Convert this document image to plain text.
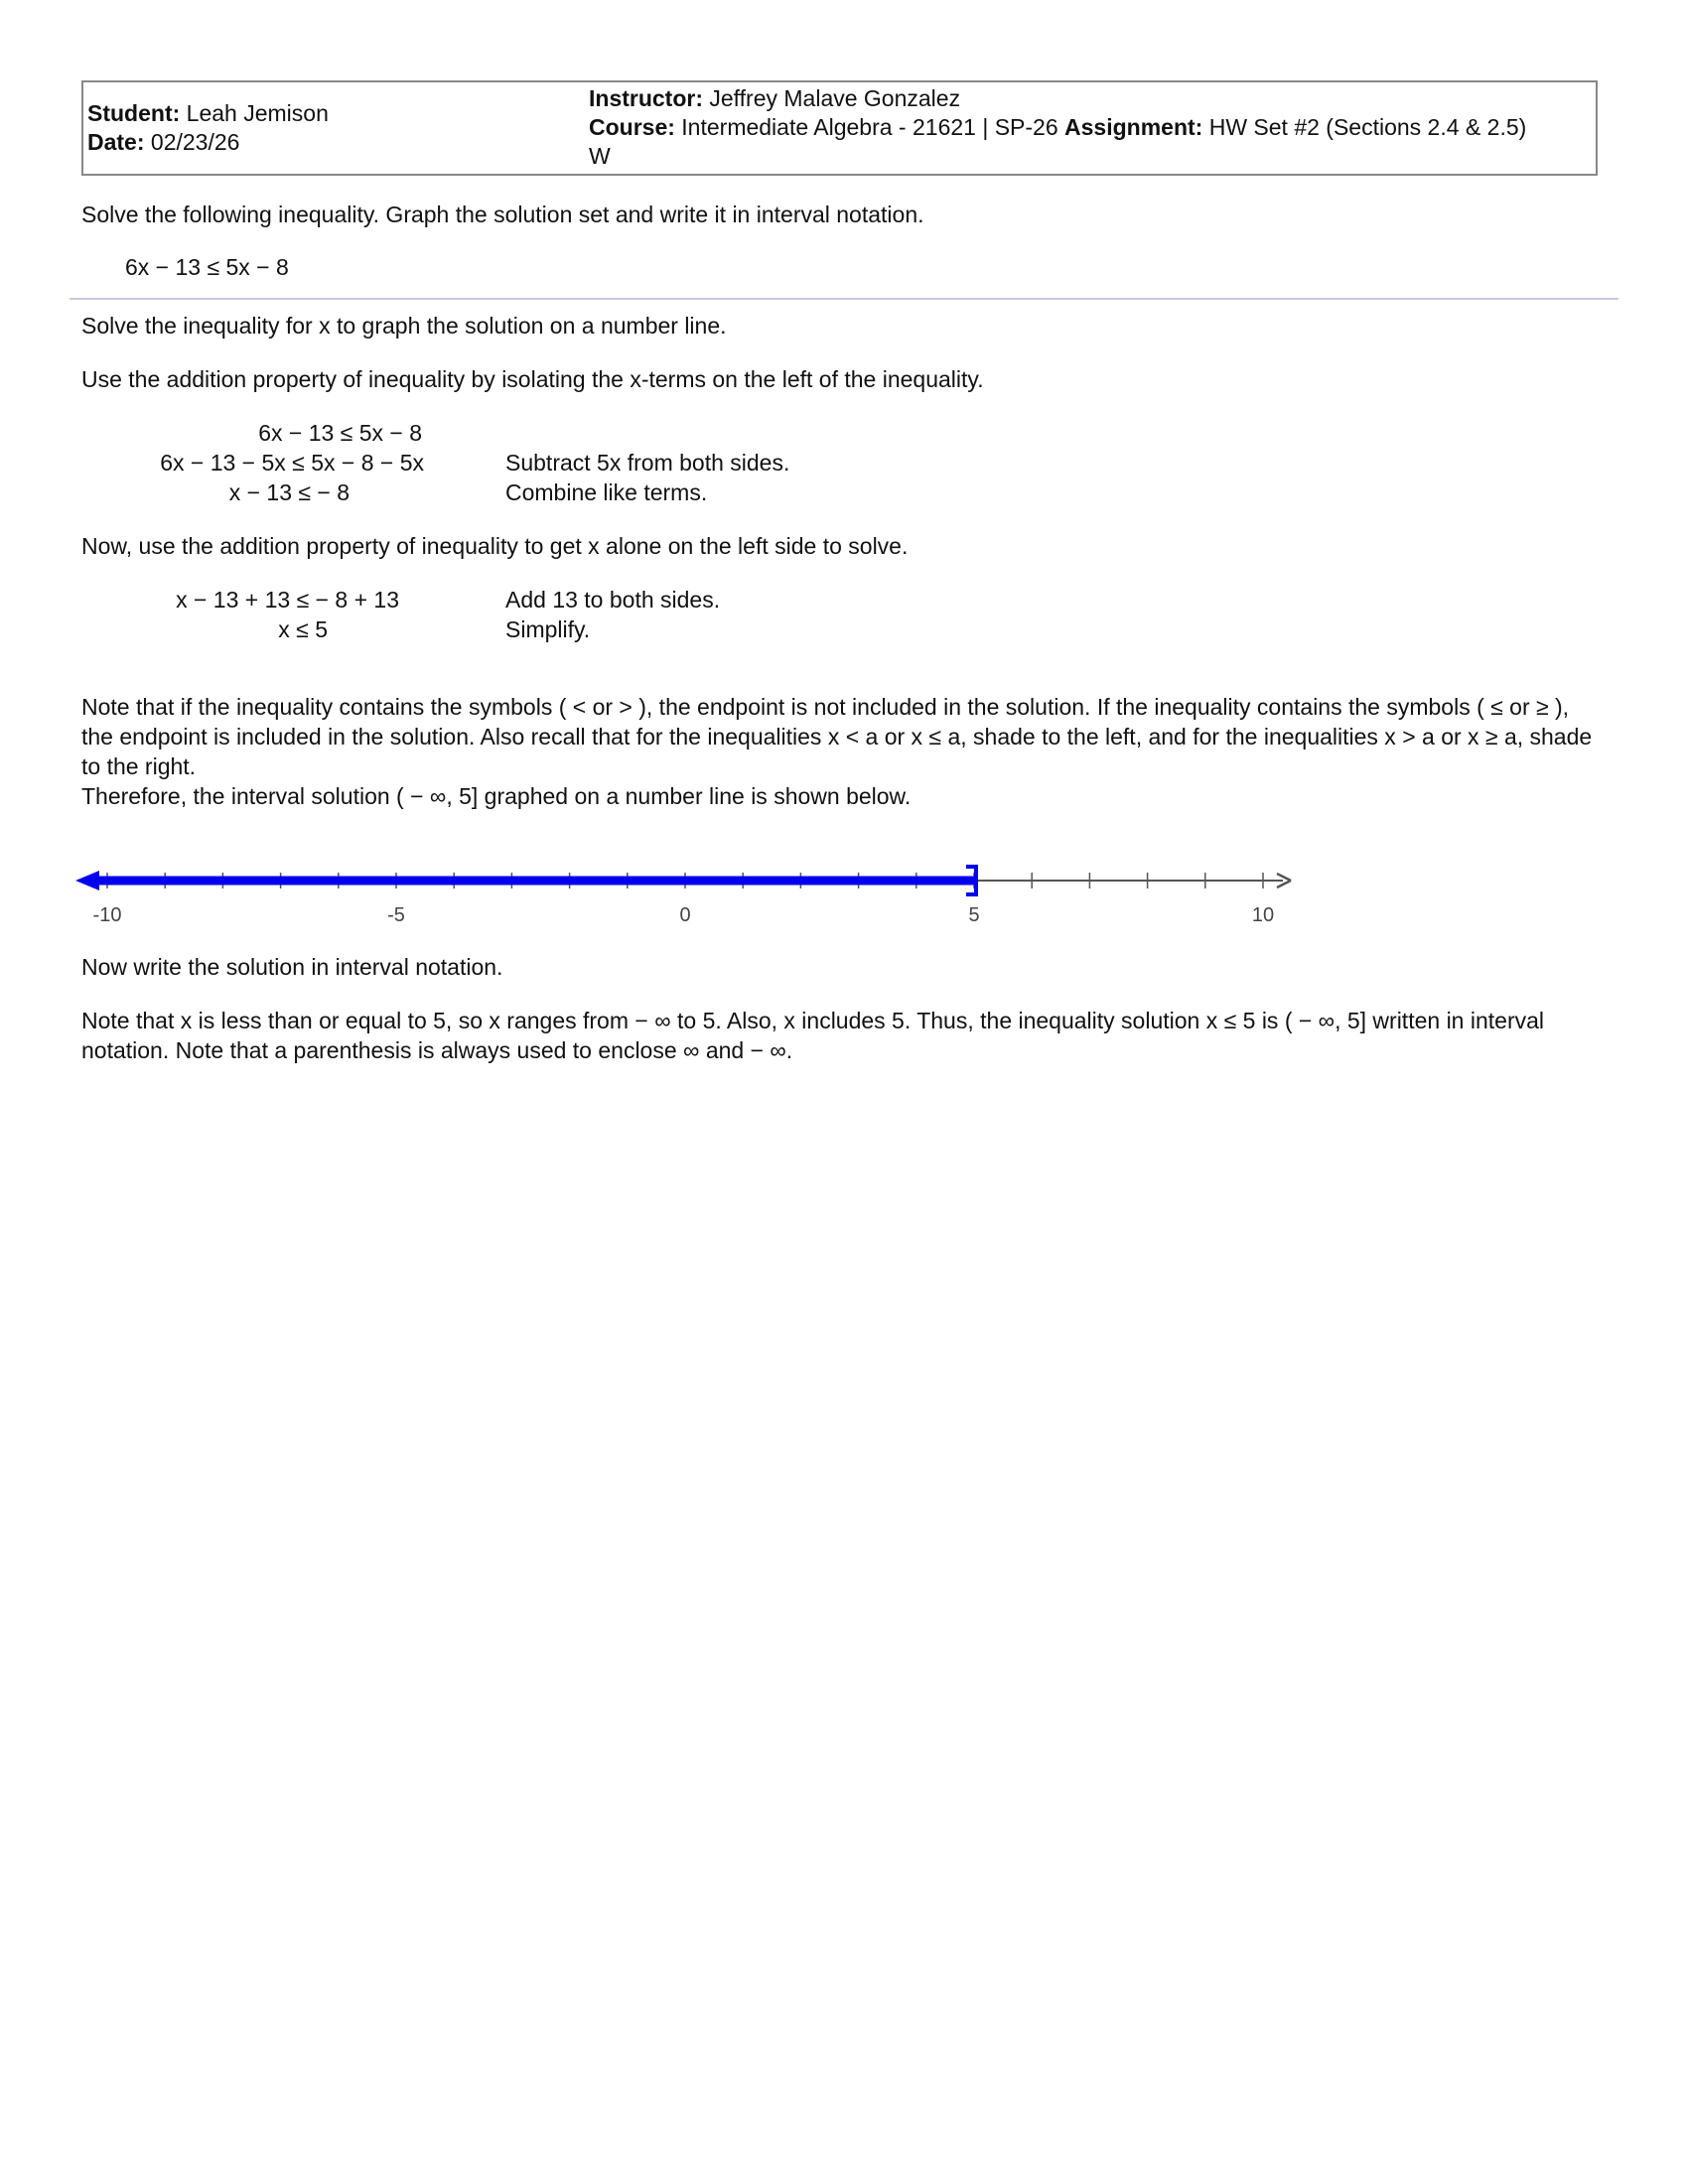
Student: Leah Jemison
Date: 02/23/26
Instructor: Jeffrey Malave Gonzalez
Course: Intermediate Algebra - 21621 | SP-26 Assignment: HW Set #2 (Sections 2.4 & 2.5)
W
Solve the following inequality. Graph the solution set and write it in interval notation.
6x − 13 ≤ 5x − 8
Solve the inequality for x to graph the solution on a number line.
Use the addition property of inequality by isolating the x-terms on the left of the inequality.
6x − 13 ≤ 5x − 8
6x − 13 − 5x ≤ 5x − 8 − 5x	Subtract 5x from both sides.
x − 13 ≤ − 8	Combine like terms.
Now, use the addition property of inequality to get x alone on the left side to solve.
x − 13 + 13 ≤ − 8 + 13	Add 13 to both sides.
x ≤ 5	Simplify.
Note that if the inequality contains the symbols ( < or > ), the endpoint is not included in the solution. If the inequality contains the symbols ( ≤ or ≥ ), the endpoint is included in the solution. Also recall that for the inequalities x < a or x ≤ a, shade to the left, and for the inequalities x > a or x ≥ a, shade to the right.
Therefore, the interval solution ( − ∞, 5] graphed on a number line is shown below.
-10	-5	0	5	10
Now write the solution in interval notation.
Note that x is less than or equal to 5, so x ranges from − ∞ to 5. Also, x includes 5. Thus, the inequality solution x ≤ 5 is ( − ∞, 5] written in interval notation. Note that a parenthesis is always used to enclose ∞ and − ∞.
